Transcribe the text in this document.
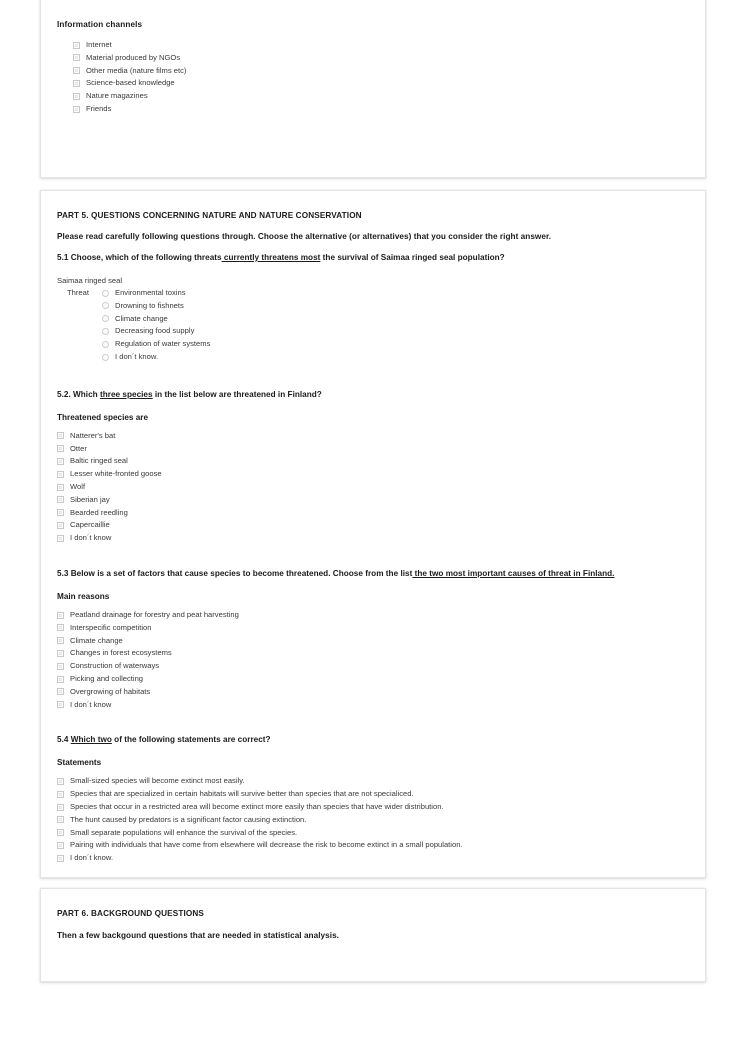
Information channels
Internet
Material produced by NGOs
Other media (nature films etc)
Science-based knowledge
Nature magazines
Friends
PART 5. QUESTIONS CONCERNING NATURE AND NATURE CONSERVATION
Please read carefully following questions through. Choose the alternative (or alternatives) that you consider the right answer.
5.1 Choose, which of the following threats currently threatens most the survival of Saimaa ringed seal population?
Saimaa ringed seal
Threat	Environmental toxins
Drowning to fishnets
Climate change
Decreasing food supply
Regulation of water systems
I don´t know.
5.2. Which three species in the list below are threatened in Finland?
Threatened species are
Natterer's bat
Otter
Baltic ringed seal
Lesser white-fronted goose
Wolf
Siberian jay
Bearded reedling
Capercaillie
I don´t know
5.3 Below is a set of factors that cause species to become threatened. Choose from the list the two most important causes of threat in Finland.
Main reasons
Peatland drainage for forestry and peat harvesting
Interspecific competition
Climate change
Changes in forest ecosystems
Construction of waterways
Picking and collecting
Overgrowing of habitats
I don´t know
5.4 Which two of the following statements are correct?
Statements
Small-sized species will become extinct most easily.
Species that are specialized in certain habitats will survive better than species that are not specialiced.
Species that occur in a restricted area will become extinct more easily than species that have wider distribution.
The hunt caused by predators is a significant factor causing extinction.
Small separate populations will enhance the survival of the species.
Pairing with individuals that have come from elsewhere will decrease the risk to become extinct in a small population.
I don´t know.
PART 6. BACKGROUND QUESTIONS
Then a few backgound questions that are needed in statistical analysis.
